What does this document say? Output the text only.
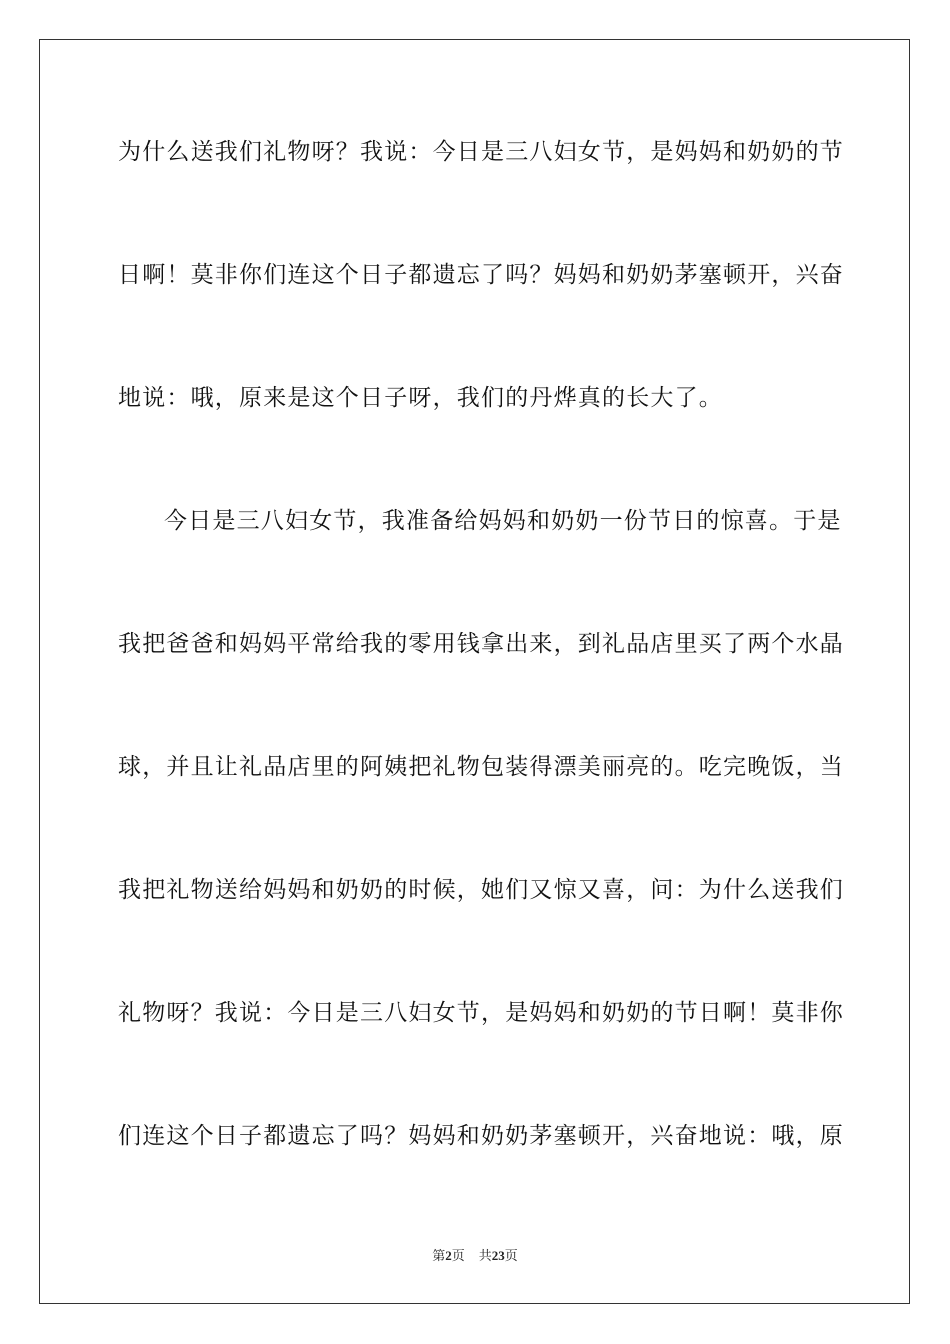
为什么送我们礼物呀？我说：今日是三八妇女节，是妈妈和奶奶的节
日啊！莫非你们连这个日子都遗忘了吗？妈妈和奶奶茅塞顿开，兴奋
地说：哦，原来是这个日子呀，我们的丹烨真的长大了。
今日是三八妇女节，我准备给妈妈和奶奶一份节日的惊喜。于是
我把爸爸和妈妈平常给我的零用钱拿出来，到礼品店里买了两个水晶
球，并且让礼品店里的阿姨把礼物包装得漂美丽亮的。吃完晚饭，当
我把礼物送给妈妈和奶奶的时候，她们又惊又喜，问：为什么送我们
礼物呀？我说：今日是三八妇女节，是妈妈和奶奶的节日啊！莫非你
们连这个日子都遗忘了吗？妈妈和奶奶茅塞顿开，兴奋地说：哦，原
第2页 共23页
